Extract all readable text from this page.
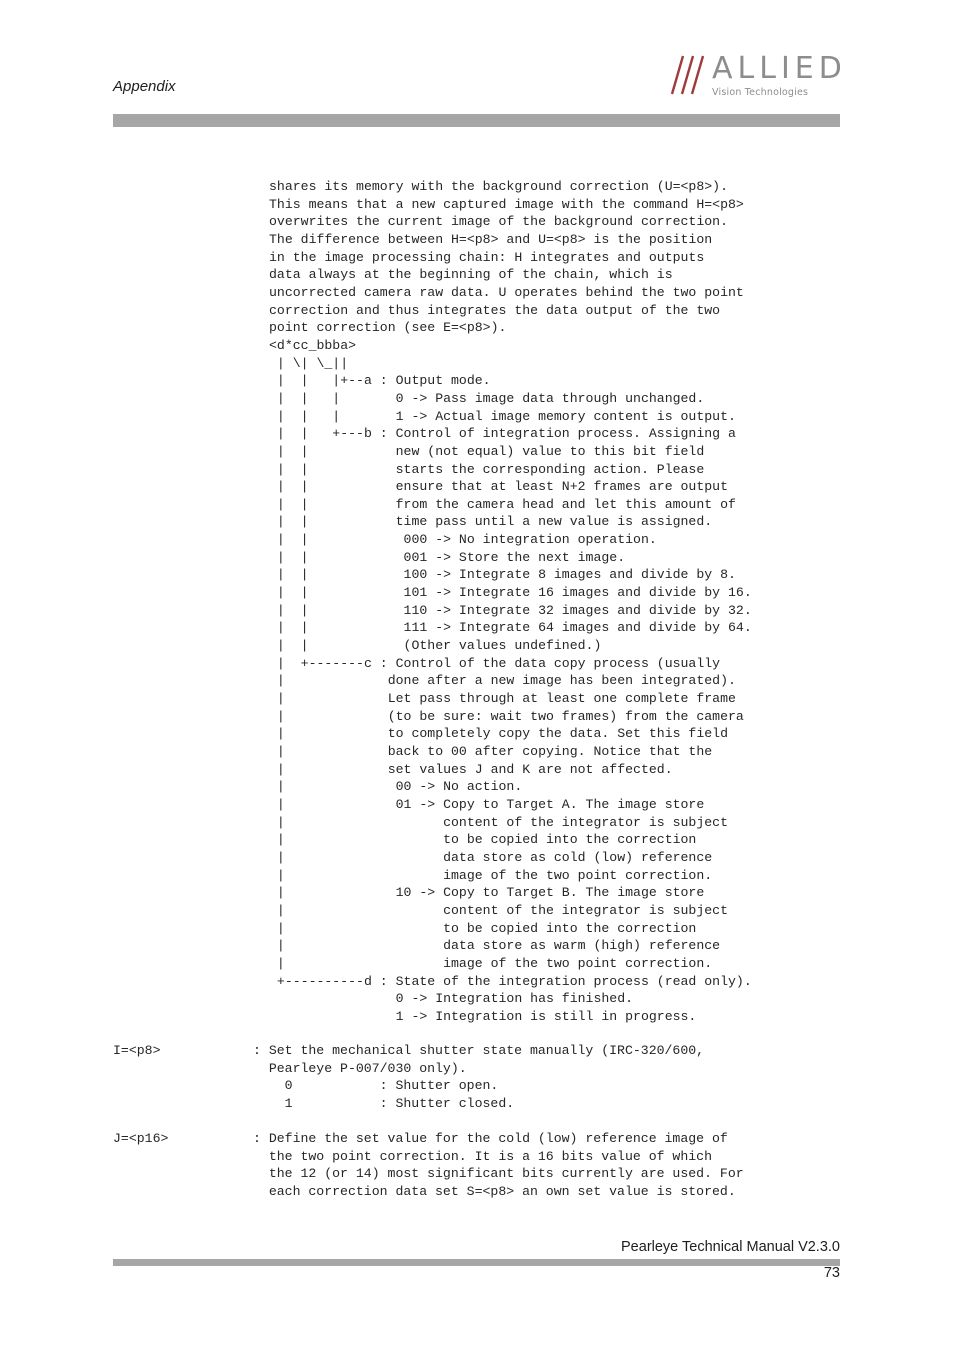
Appendix
ALLIED
Vision Technologies
shares its memory with the background correction (U=<p8>).
This means that a new captured image with the command H=<p8>
overwrites the current image of the background correction.
The difference between H=<p8> and U=<p8> is the position
in the image processing chain: H integrates and outputs
data always at the beginning of the chain, which is
uncorrected camera raw data. U operates behind the two point
correction and thus integrates the data output of the two
point correction (see E=<p8>).
<d*cc_bbba>
| \| \_||
|  |   |+--a : Output mode.
|  |   |       0 -> Pass image data through unchanged.
|  |   |       1 -> Actual image memory content is output.
|  |   +---b : Control of integration process. Assigning a
|  |           new (not equal) value to this bit field
|  |           starts the corresponding action. Please
|  |           ensure that at least N+2 frames are output
|  |           from the camera head and let this amount of
|  |           time pass until a new value is assigned.
|  |            000 -> No integration operation.
|  |            001 -> Store the next image.
|  |            100 -> Integrate 8 images and divide by 8.
|  |            101 -> Integrate 16 images and divide by 16.
|  |            110 -> Integrate 32 images and divide by 32.
|  |            111 -> Integrate 64 images and divide by 64.
|  |            (Other values undefined.)
|  +-------c : Control of the data copy process (usually
|             done after a new image has been integrated).
|             Let pass through at least one complete frame
|             (to be sure: wait two frames) from the camera
|             to completely copy the data. Set this field
|             back to 00 after copying. Notice that the
|             set values J and K are not affected.
|              00 -> No action.
|              01 -> Copy to Target A. The image store
|                    content of the integrator is subject
|                    to be copied into the correction
|                    data store as cold (low) reference
|                    image of the two point correction.
|              10 -> Copy to Target B. The image store
|                    content of the integrator is subject
|                    to be copied into the correction
|                    data store as warm (high) reference
|                    image of the two point correction.
+----------d : State of the integration process (read only).
0 -> Integration has finished.
1 -> Integration is still in progress.
I=<p8>	: Set the mechanical shutter state manually (IRC-320/600,
Pearleye P-007/030 only).
0           : Shutter open.
1           : Shutter closed.
J=<p16>	: Define the set value for the cold (low) reference image of
the two point correction. It is a 16 bits value of which
the 12 (or 14) most significant bits currently are used. For
each correction data set S=<p8> an own set value is stored.
Pearleye Technical Manual V2.3.0
73
